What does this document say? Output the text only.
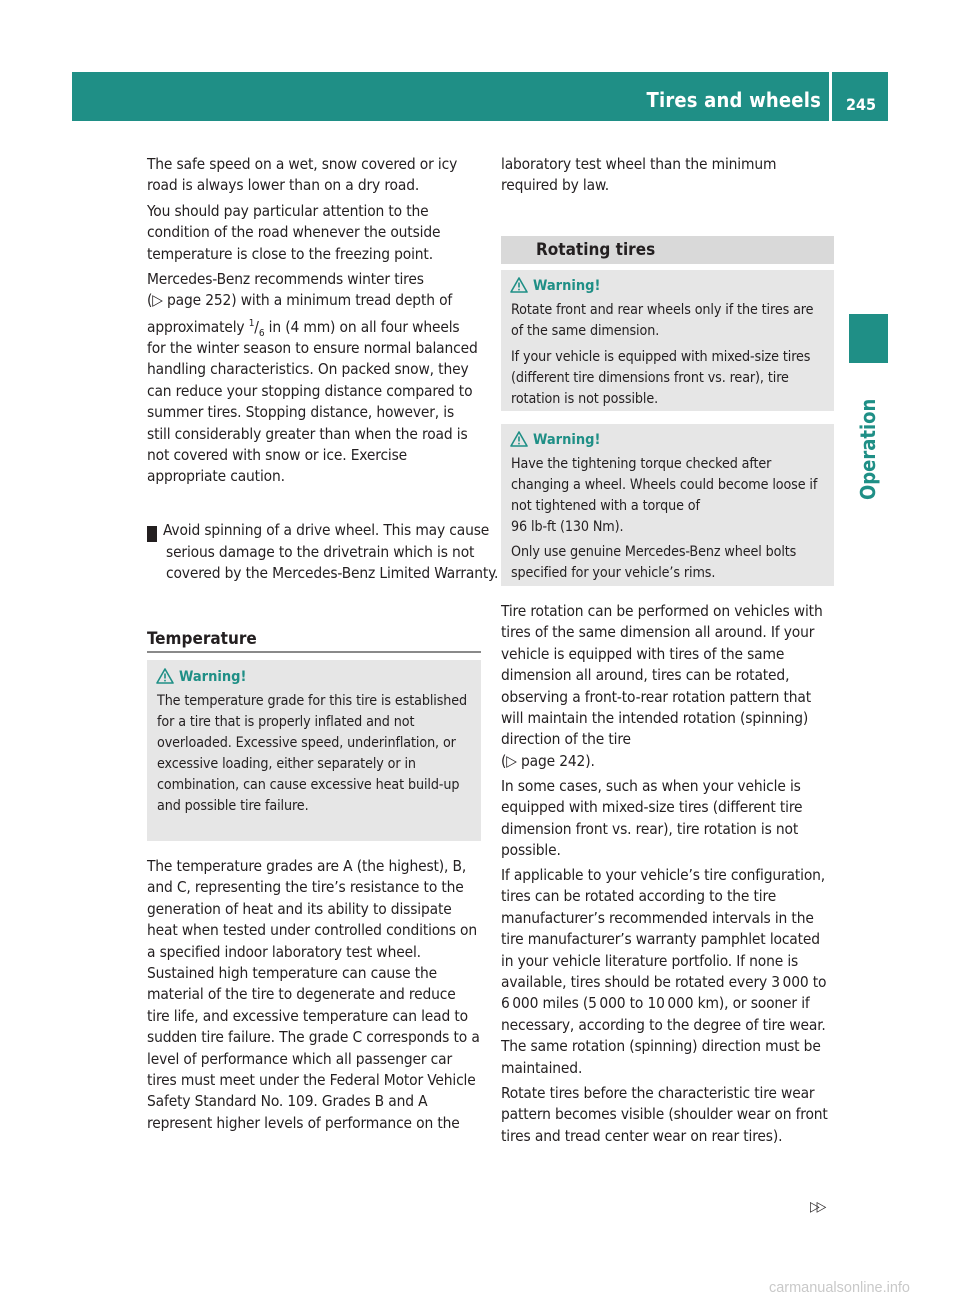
Tires and wheels	245
Operation

The safe speed on a wet, snow covered or icy road is always lower than on a dry road.

You should pay particular attention to the condition of the road whenever the outside temperature is close to the freezing point.

Mercedes-Benz recommends winter tires

(▷ page 252) with a minimum tread depth of

approximately $^1/_6$ in (4 mm) on all four wheels

for the winter season to ensure normal balanced handling characteristics. On packed snow, they can reduce your stopping distance compared to summer tires. Stopping distance, however, is still considerably greater than when the road is not covered with snow or ice. Exercise appropriate caution.

! Avoid spinning of a drive wheel. This may cause serious damage to the drivetrain which is not covered by the Mercedes-Benz Limited Warranty.

Temperature
Warning!

The temperature grade for this tire is established for a tire that is properly inflated and not overloaded. Excessive speed, underinflation, or excessive loading, either separately or in combination, can cause excessive heat build-up and possible tire failure.

The temperature grades are A (the highest), B, and C, representing the tire’s resistance to the generation of heat and its ability to dissipate heat when tested under controlled conditions on a specified indoor laboratory test wheel. Sustained high temperature can cause the material of the tire to degenerate and reduce tire life, and excessive temperature can lead to sudden tire failure. The grade C corresponds to a level of performance which all passenger car tires must meet under the Federal Motor Vehicle Safety Standard No. 109. Grades B and A represent higher levels of performance on the

laboratory test wheel than the minimum required by law.

Rotating tires
Warning!

Rotate front and rear wheels only if the tires are of the same dimension.

If your vehicle is equipped with mixed-size tires (different tire dimensions front vs. rear), tire rotation is not possible.

Warning!

Have the tightening torque checked after changing a wheel. Wheels could become loose if not tightened with a torque of

96 lb-ft (130 Nm).

Only use genuine Mercedes-Benz wheel bolts specified for your vehicle’s rims.

Tire rotation can be performed on vehicles with tires of the same dimension all around. If your vehicle is equipped with tires of the same dimension all around, tires can be rotated, observing a front-to-rear rotation pattern that will maintain the intended rotation (spinning) direction of the tire

(▷ page 242).

In some cases, such as when your vehicle is equipped with mixed-size tires (different tire dimension front vs. rear), tire rotation is not possible.

If applicable to your vehicle’s tire configuration, tires can be rotated according to the tire manufacturer’s recommended intervals in the tire manufacturer’s warranty pamphlet located in your vehicle literature portfolio. If none is available, tires should be rotated every 3 000 to 6 000 miles (5 000 to 10 000 km), or sooner if necessary, according to the degree of tire wear. The same rotation (spinning) direction must be maintained.

Rotate tires before the characteristic tire wear pattern becomes visible (shoulder wear on front tires and tread center wear on rear tires).

▷▷
carmanualsonline.info
